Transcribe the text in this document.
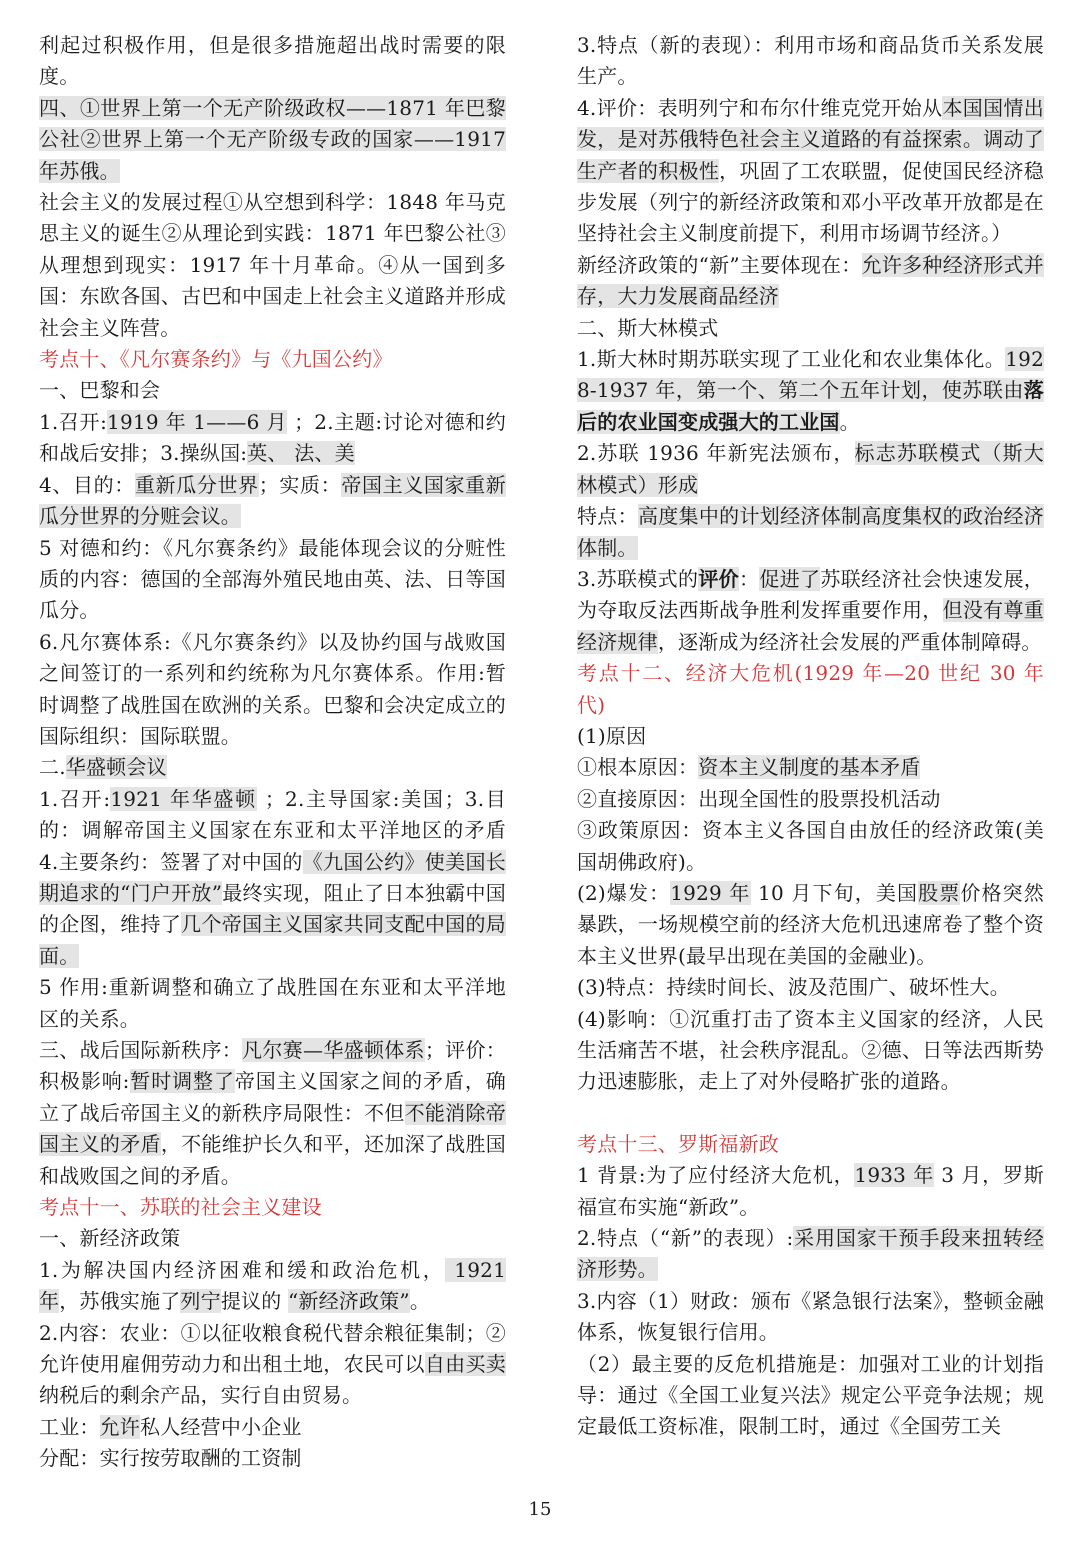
利起过积极作用，但是很多措施超出战时需要的限度。

四、①世界上第一个无产阶级政权——1871 年巴黎公社②世界上第一个无产阶级专政的国家——1917 年苏俄。

社会主义的发展过程①从空想到科学：1848 年马克思主义的诞生②从理论到实践：1871 年巴黎公社③从理想到现实：1917 年十月革命。④从一国到多国：东欧各国、古巴和中国走上社会主义道路并形成社会主义阵营。

考点十、《凡尔赛条约》与《九国公约》

一、巴黎和会

1.召开:1919 年 1——6 月 ；2.主题:讨论对德和约和战后安排；3.操纵国:英、 法、美

4、目的：重新瓜分世界；实质：帝国主义国家重新瓜分世界的分赃会议。

5 对德和约：《凡尔赛条约》最能体现会议的分赃性质的内容：德国的全部海外殖民地由英、法、日等国瓜分。

6.凡尔赛体系:《凡尔赛条约》以及协约国与战败国之间签订的一系列和约统称为凡尔赛体系。作用:暂时调整了战胜国在欧洲的关系。巴黎和会决定成立的国际组织：国际联盟。

二.华盛顿会议

1.召开:1921 年华盛顿 ；2.主导国家:美国；3.目的：调解帝国主义国家在东亚和太平洋地区的矛盾 4.主要条约：签署了对中国的《九国公约》使美国长期追求的“门户开放”最终实现，阻止了日本独霸中国的企图，维持了几个帝国主义国家共同支配中国的局面。

5 作用:重新调整和确立了战胜国在东亚和太平洋地区的关系。

三、战后国际新秩序：凡尔赛—华盛顿体系；评价：积极影响:暂时调整了帝国主义国家之间的矛盾，确立了战后帝国主义的新秩序局限性：不但不能消除帝国主义的矛盾，不能维护长久和平，还加深了战胜国和战败国之间的矛盾。

考点十一、苏联的社会主义建设

一、新经济政策

1.为解决国内经济困难和缓和政治危机， 1921 年，苏俄实施了列宁提议的 “新经济政策”。

2.内容：农业：①以征收粮食税代替余粮征集制；②允许使用雇佣劳动力和出租土地，农民可以自由买卖纳税后的剩余产品，实行自由贸易。

工业：允许私人经营中小企业

分配：实行按劳取酬的工资制

3.特点（新的表现）：利用市场和商品货币关系发展生产。

4.评价：表明列宁和布尔什维克党开始从本国国情出发，是对苏俄特色社会主义道路的有益探索。调动了生产者的积极性，巩固了工农联盟，促使国民经济稳步发展（列宁的新经济政策和邓小平改革开放都是在坚持社会主义制度前提下，利用市场调节经济。）

新经济政策的“新”主要体现在：允许多种经济形式并存，大力发展商品经济

二、斯大林模式

1.斯大林时期苏联实现了工业化和农业集体化。1928-1937 年，第一个、第二个五年计划，使苏联由落后的农业国变成强大的工业国。

2.苏联 1936 年新宪法颁布，标志苏联模式（斯大林模式）形成

特点：高度集中的计划经济体制高度集权的政治经济体制。

3.苏联模式的评价：促进了苏联经济社会快速发展，为夺取反法西斯战争胜利发挥重要作用，但没有尊重经济规律，逐渐成为经济社会发展的严重体制障碍。

考点十二、经济大危机(1929 年—20 世纪 30 年代)

(1)原因

①根本原因：资本主义制度的基本矛盾

②直接原因：出现全国性的股票投机活动

③政策原因：资本主义各国自由放任的经济政策(美国胡佛政府)。

(2)爆发：1929 年 10 月下旬，美国股票价格突然暴跌，一场规模空前的经济大危机迅速席卷了整个资本主义世界(最早出现在美国的金融业)。

(3)特点：持续时间长、波及范围广、破坏性大。

(4)影响：①沉重打击了资本主义国家的经济，人民生活痛苦不堪，社会秩序混乱。②德、日等法西斯势力迅速膨胀，走上了对外侵略扩张的道路。

考点十三、罗斯福新政

1 背景:为了应付经济大危机，1933 年 3 月，罗斯福宣布实施“新政”。

2.特点（“新”的表现）:采用国家干预手段来扭转经济形势。

3.内容（1）财政：颁布《紧急银行法案》，整顿金融体系，恢复银行信用。

（2）最主要的反危机措施是：加强对工业的计划指导：通过《全国工业复兴法》规定公平竞争法规；规定最低工资标准，限制工时，通过《全国劳工关

15
